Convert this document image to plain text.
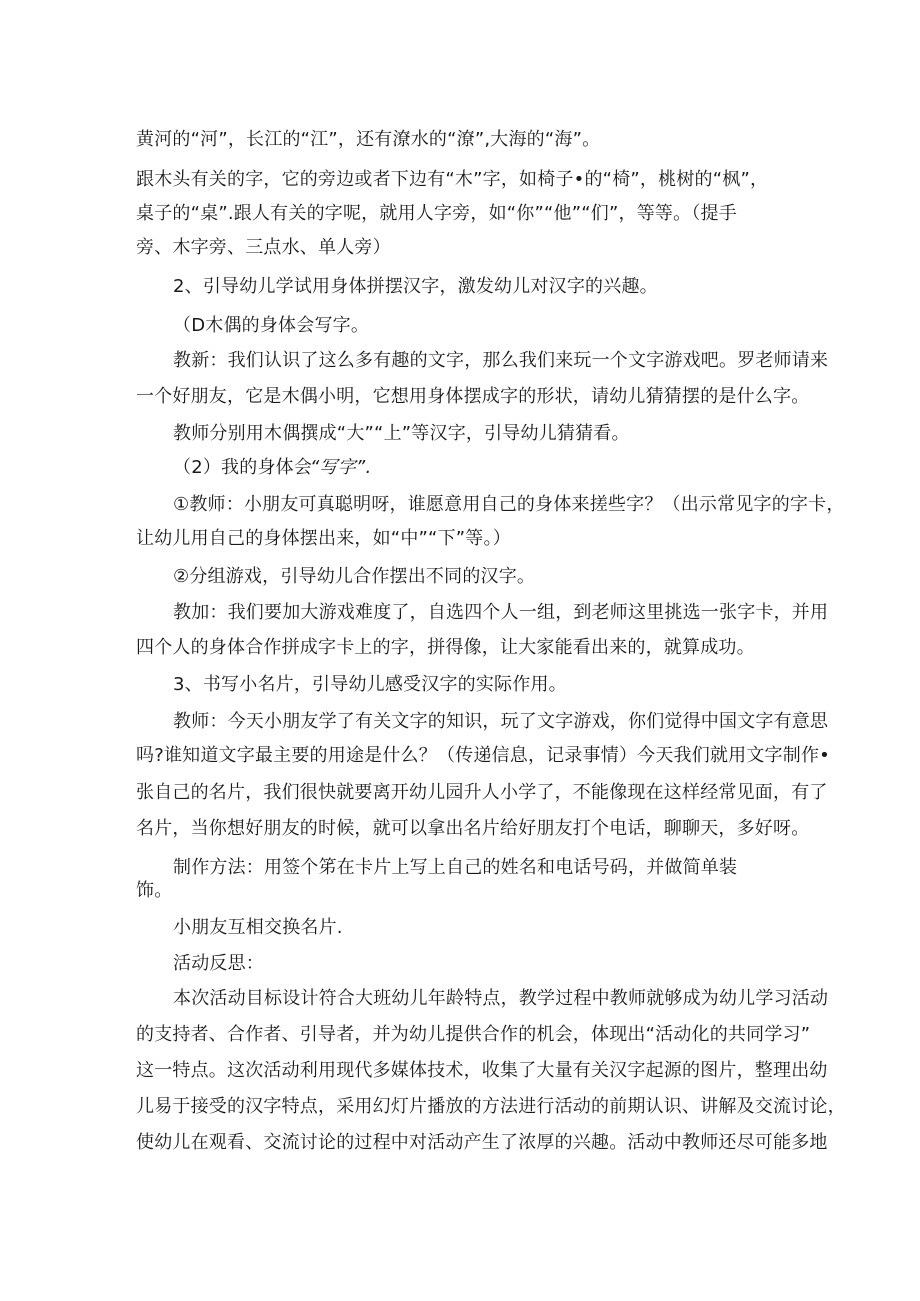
黄河的“河”，长江的“江”，还有潦水的“潦”,大海的“海”。
跟木头有关的字，它的旁边或者下边有“木”字，如椅子•的“椅”，桃树的“枫”，
桌子的“桌”.跟人有关的字呢，就用人字旁，如“你”“他”“们”，等等。（提手
旁、木字旁、三点水、单人旁）
2、引导幼儿学试用身体拼摆汉字，激发幼儿对汉字的兴趣。
（D木偶的身体会写字。
教新：我们认识了这么多有趣的文字，那么我们来玩一个文字游戏吧。罗老师请来
一个好朋友，它是木偶小明，它想用身体摆成字的形状，请幼儿猜猜摆的是什么字。
教师分别用木偶撰成“大”“上”等汉字，引导幼儿猜猜看。
（2）我的身体会
“写字”.
①教师：小朋友可真聪明呀，谁愿意用自己的身体来搓些字？（出示常见字的字卡，
让幼儿用自己的身体摆出来，如“中”“下”等。）
②分组游戏，引导幼儿合作摆出不同的汉字。
教加：我们要加大游戏难度了，自选四个人一组，到老师这里挑选一张字卡，并用
四个人的身体合作拼成字卡上的字，拼得像，让大家能看出来的，就算成功。
3、书写小名片，引导幼儿感受汉字的实际作用。
教师：今天小朋友学了有关文字的知识，玩了文字游戏，你们觉得中国文字有意思
吗?谁知道文字最主要的用途是什么？（传递信息，记录事情）今天我们就用文字制作•
张自己的名片，我们很快就要离开幼儿园升人小学了，不能像现在这样经常见面，有了
名片，当你想好朋友的时候，就可以拿出名片给好朋友打个电话，聊聊天，多好呀。
制作方法：用签个笫在卡片上写上自己的姓名和电话号码，并做简单装
饰。
小朋友互相交换名片.
活动反思：
本次活动目标设计符合大班幼儿年龄特点，教学过程中教师就够成为幼儿学习活动
的支持者、合作者、引导者，并为幼儿提供合作的机会，体现出“活动化的共同学习”
这一特点。这次活动利用现代多媒体技术，收集了大量有关汉字起源的图片，整理出幼
儿易于接受的汉字特点，采用幻灯片播放的方法进行活动的前期认识、讲解及交流讨论，
使幼儿在观看、交流讨论的过程中对活动产生了浓厚的兴趣。活动中教师还尽可能多地
